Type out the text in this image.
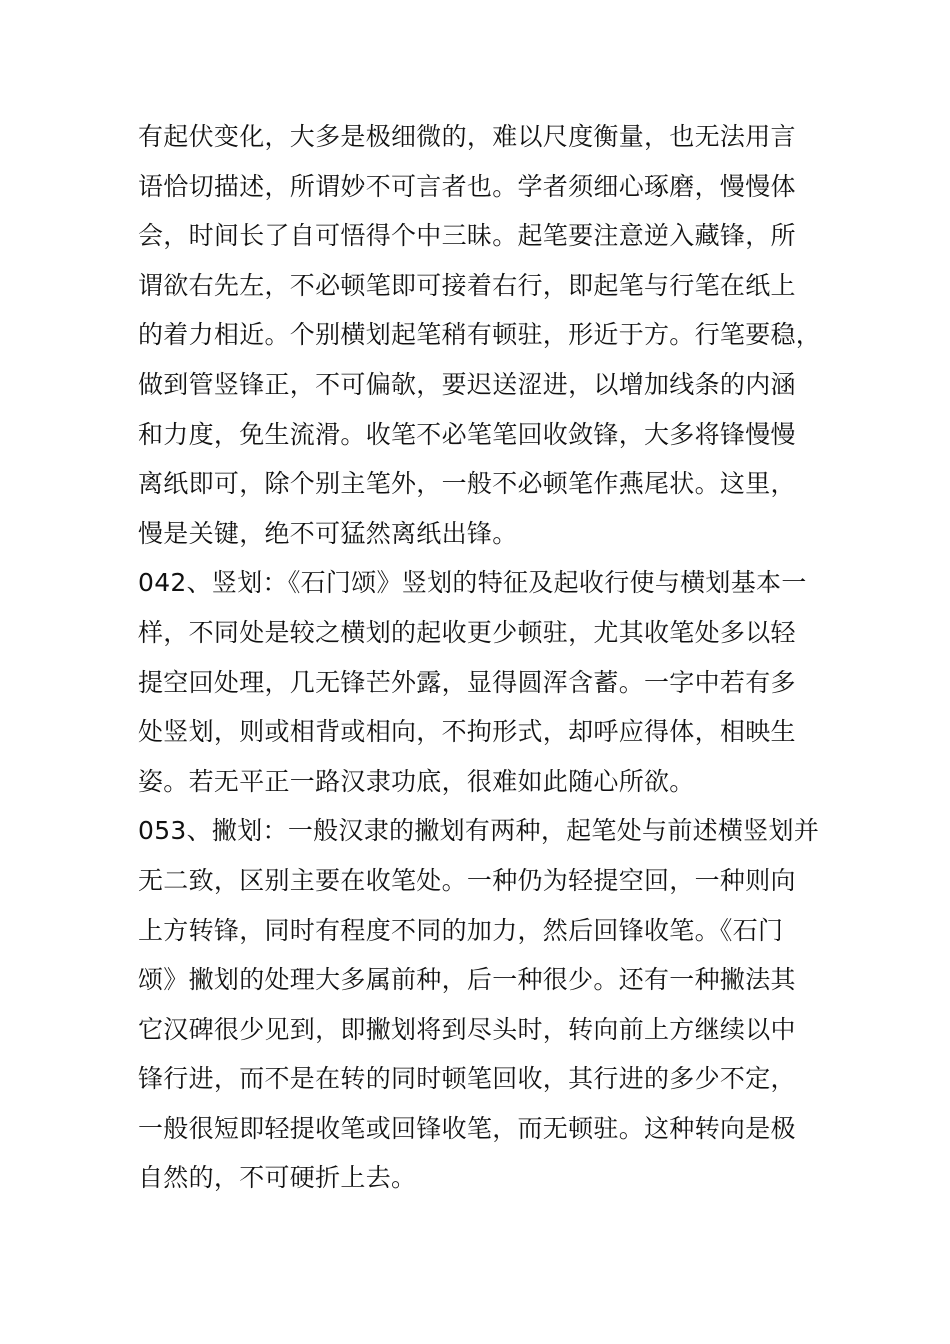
有起伏变化，大多是极细微的，难以尺度衡量，也无法用言
语恰切描述，所谓妙不可言者也。学者须细心琢磨，慢慢体
会，时间长了自可悟得个中三昧。起笔要注意逆入藏锋，所
谓欲右先左，不必顿笔即可接着右行，即起笔与行笔在纸上
的着力相近。个别横划起笔稍有顿驻，形近于方。行笔要稳，
做到管竖锋正，不可偏欹，要迟送涩进，以增加线条的内涵
和力度，免生流滑。收笔不必笔笔回收敛锋，大多将锋慢慢
离纸即可，除个别主笔外，一般不必顿笔作燕尾状。这里，
慢是关键，绝不可猛然离纸出锋。
042、竖划：《石门颂》竖划的特征及起收行使与横划基本一
样，不同处是较之横划的起收更少顿驻，尤其收笔处多以轻
提空回处理，几无锋芒外露，显得圆浑含蓄。一字中若有多
处竖划，则或相背或相向，不拘形式，却呼应得体，相映生
姿。若无平正一路汉隶功底，很难如此随心所欲。
053、撇划：一般汉隶的撇划有两种，起笔处与前述横竖划并
无二致，区别主要在收笔处。一种仍为轻提空回，一种则向
上方转锋，同时有程度不同的加力，然后回锋收笔。《石门
颂》撇划的处理大多属前种，后一种很少。还有一种撇法其
它汉碑很少见到，即撇划将到尽头时，转向前上方继续以中
锋行进，而不是在转的同时顿笔回收，其行进的多少不定，
一般很短即轻提收笔或回锋收笔，而无顿驻。这种转向是极
自然的，不可硬折上去。
